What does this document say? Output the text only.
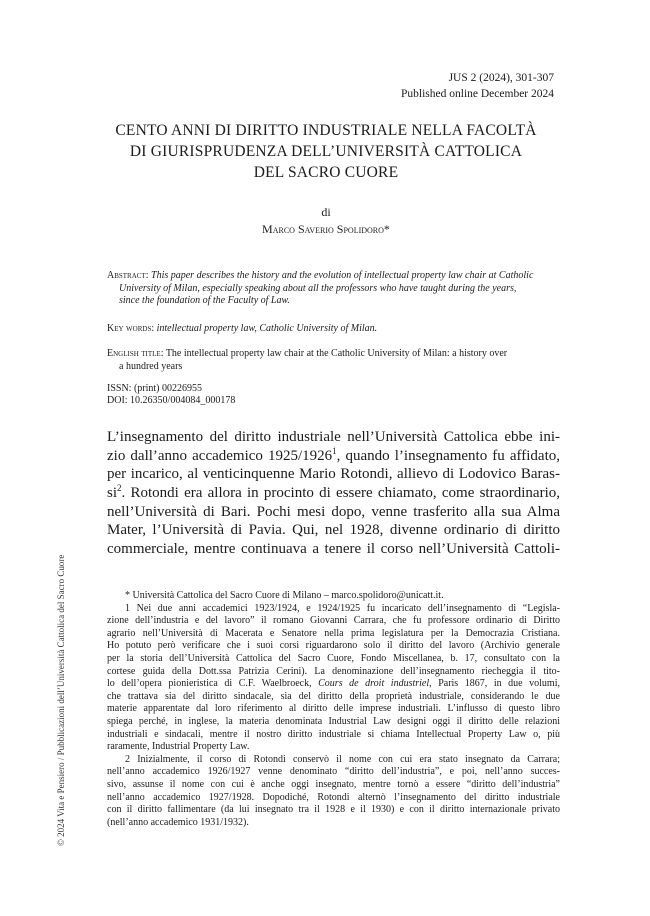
JUS 2 (2024), 301-307
Published online December 2024
CENTO ANNI DI DIRITTO INDUSTRIALE NELLA FACOLTÀ
DI GIURISPRUDENZA DELL’UNIVERSITÀ CATTOLICA
DEL SACRO CUORE
di
Marco Saverio Spolidoro*
Abstract: This paper describes the history and the evolution of intellectual property law chair at Catholic
University of Milan, especially speaking about all the professors who have taught during the years,
since the foundation of the Faculty of Law.
Key words: intellectual property law, Catholic University of Milan.
English title: The intellectual property law chair at the Catholic University of Milan: a history over
a hundred years
ISSN: (print) 00226955
DOI: 10.26350/004084_000178
L’insegnamento del diritto industriale nell’Università Cattolica ebbe ini-
zio dall’anno accademico 1925/1926$^1$, quando l’insegnamento fu affidato,
per incarico, al venticinquenne Mario Rotondi, allievo di Lodovico Baras-
$si^2$. Rotondi era allora in procinto di essere chiamato, come straordinario,
nell’Università di Bari. Pochi mesi dopo, venne trasferito alla sua Alma
Mater, l’Università di Pavia. Qui, nel 1928, divenne ordinario di diritto
commerciale, mentre continuava a tenere il corso nell’Università Cattoli-
© 2024 Vita e Pensiero / Pubblicazioni dell’Università Cattolica del Sacro Cuore	* Università Cattolica del Sacro Cuore di Milano – marco.spolidoro@unicatt.it.
1 Nei due anni accademici 1923/1924, e 1924/1925 fu incaricato dell’insegnamento di “Legisla-
zione dell’industria e del lavoro” il romano Giovanni Carrara, che fu professore ordinario di Diritto
agrario nell’Università di Macerata e Senatore nella prima legislatura per la Democrazia Cristiana.
Ho potuto però verificare che i suoi corsi riguardarono solo il diritto del lavoro (Archivio generale
per la storia dell’Università Cattolica del Sacro Cuore, Fondo Miscellanea, b. 17, consultato con la
cortese guida della Dott.ssa Patrizia Cerini). La denominazione dell’insegnamento riecheggia il tito-
lo dell’opera pionieristica di C.F. Waelbroeck, Cours de droit industriel, Paris 1867, in due volumi,
che trattava sia del diritto sindacale, sia del diritto della proprietà industriale, considerando le due
materie apparentate dal loro riferimento al diritto delle imprese industriali. L’influsso di questo libro
spiega perché, in inglese, la materia denominata Industrial Law designi oggi il diritto delle relazioni
industriali e sindacali, mentre il nostro diritto industriale si chiama Intellectual Property Law o, più
raramente, Industrial Property Law.
2 Inizialmente, il corso di Rotondi conservò il nome con cui era stato insegnato da Carrara;
nell’anno accademico 1926/1927 venne denominato “diritto dell’industria”, e poi, nell’anno succes-
sivo, assunse il nome con cui è anche oggi insegnato, mentre tornò a essere “diritto dell’industria”
nell’anno accademico 1927/1928. Dopodiché, Rotondi alternò l’insegnamento del diritto industriale
con il diritto fallimentare (da lui insegnato tra il 1928 e il 1930) e con il diritto internazionale privato
(nell’anno accademico 1931/1932).
